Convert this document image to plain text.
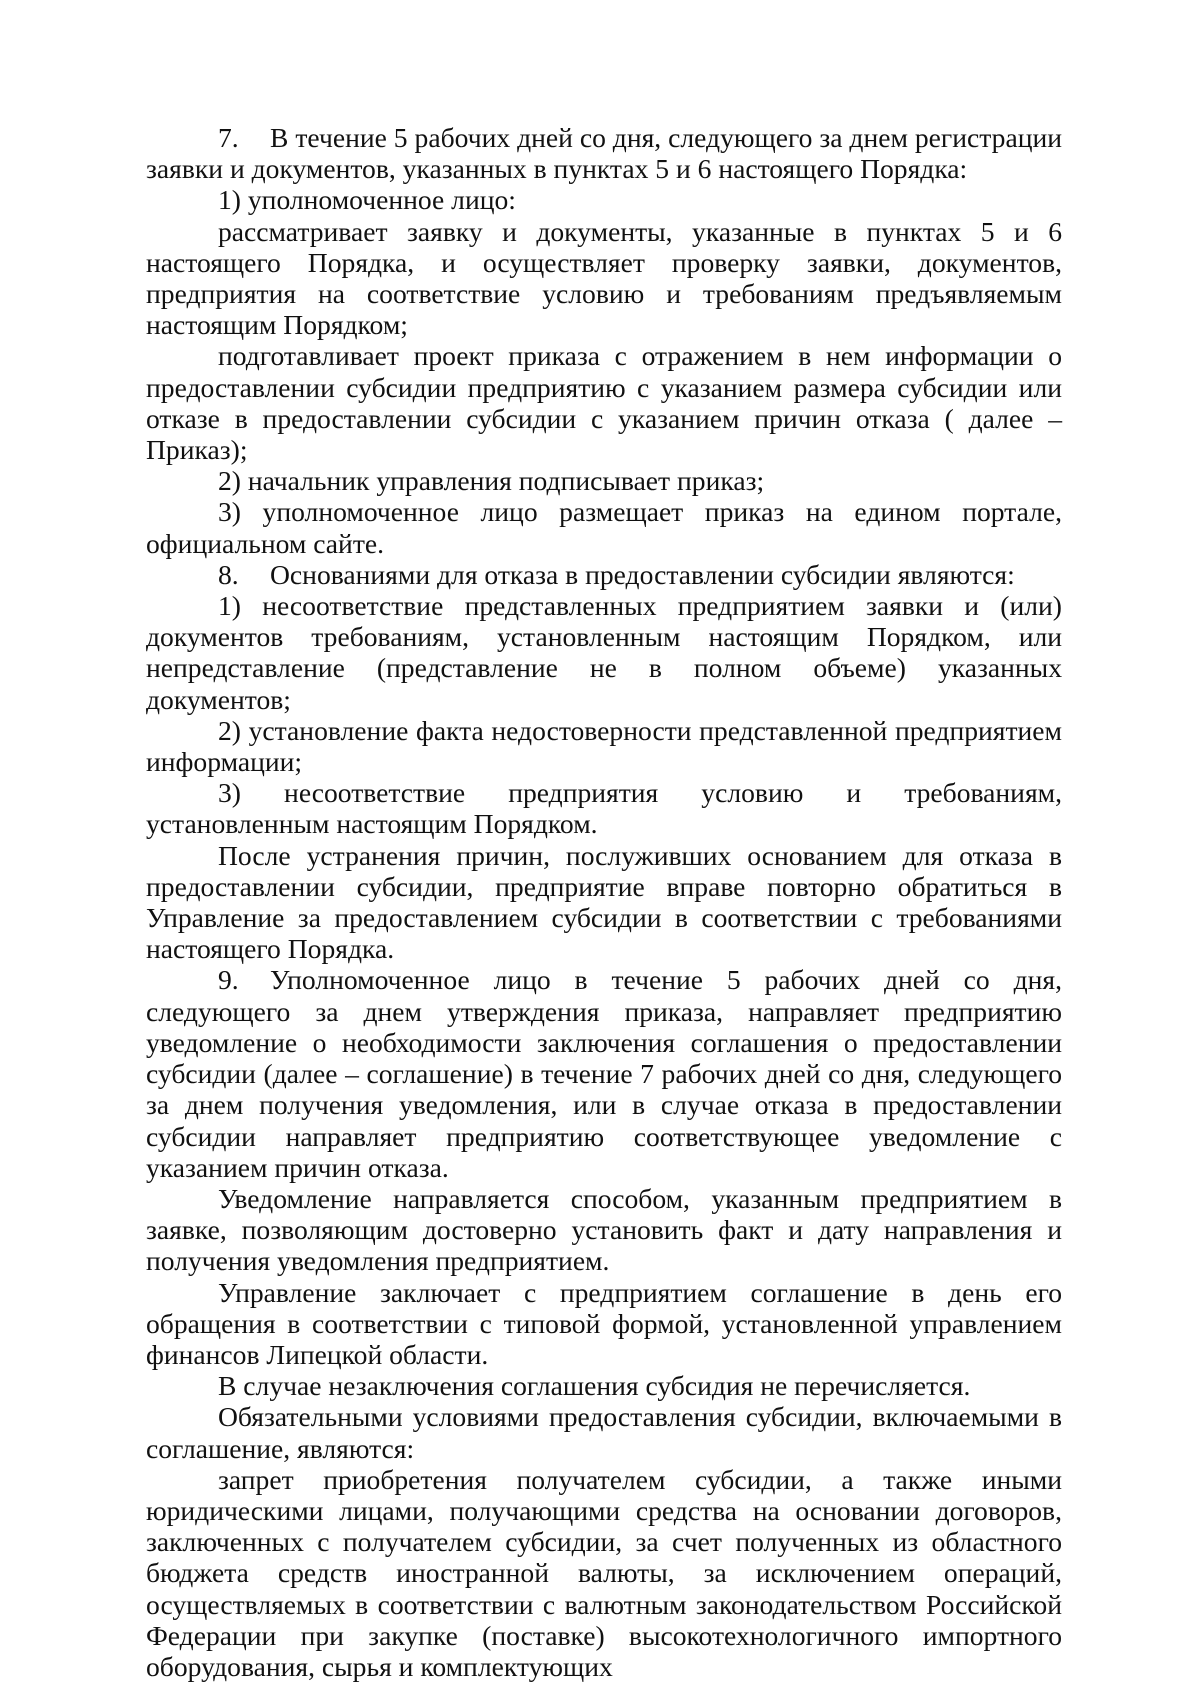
7. В течение 5 рабочих дней со дня, следующего за днем регистрации заявки и документов, указанных в пунктах 5 и 6 настоящего Порядка:

1) уполномоченное лицо:

рассматривает заявку и документы, указанные в пунктах 5 и 6 настоящего Порядка, и осуществляет проверку заявки, документов, предприятия на соответствие условию и требованиям предъявляемым настоящим Порядком;

подготавливает проект приказа с отражением в нем информации о предоставлении субсидии предприятию с указанием размера субсидии или отказе в предоставлении субсидии с указанием причин отказа ( далее – Приказ);

2) начальник управления подписывает приказ;

3) уполномоченное лицо размещает приказ на едином портале, официальном сайте.

8. Основаниями для отказа в предоставлении субсидии являются:

1) несоответствие представленных предприятием заявки и (или) документов требованиям, установленным настоящим Порядком, или непредставление (представление не в полном объеме) указанных документов;

2) установление факта недостоверности представленной предприятием информации;

3) несоответствие предприятия условию и требованиям, установленным настоящим Порядком.

После устранения причин, послуживших основанием для отказа в предоставлении субсидии, предприятие вправе повторно обратиться в Управление за предоставлением субсидии в соответствии с требованиями настоящего Порядка.

9. Уполномоченное лицо в течение 5 рабочих дней со дня, следующего за днем утверждения приказа, направляет предприятию уведомление о необходимости заключения соглашения о предоставлении субсидии (далее – соглашение) в течение 7 рабочих дней со дня, следующего за днем получения уведомления, или в случае отказа в предоставлении субсидии направляет предприятию соответствующее уведомление с указанием причин отказа.

Уведомление направляется способом, указанным предприятием в заявке, позволяющим достоверно установить факт и дату направления и получения уведомления предприятием.

Управление заключает с предприятием соглашение в день его обращения в соответствии с типовой формой, установленной управлением финансов Липецкой области.

В случае незаключения соглашения субсидия не перечисляется.

Обязательными условиями предоставления субсидии, включаемыми в соглашение, являются:

запрет приобретения получателем субсидии, а также иными юридическими лицами, получающими средства на основании договоров, заключенных с получателем субсидии, за счет полученных из областного бюджета средств иностранной валюты, за исключением операций, осуществляемых в соответствии с валютным законодательством Российской Федерации при закупке (поставке) высокотехнологичного импортного оборудования, сырья и комплектующих
